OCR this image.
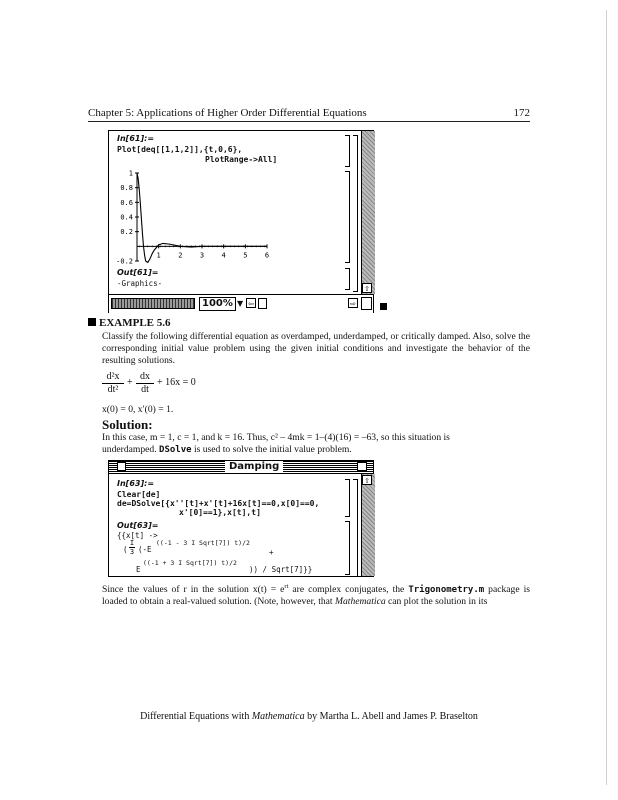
Chapter 5: Applications of Higher Order Differential Equations	172
In[61]:=
Plot[deq[[1,1,2]],{t,0,6},
PlotRange->All]
1 2 3 4 5 6
1
0.8
0.6
0.4
0.2
-0.2
Out[61]=
-Graphics-
⇧
100% ▼ ⇦	⇨
EXAMPLE 5.6
Classify the following differential equation as overdamped, underdamped, or critically damped. Also, solve the corresponding initial value problem using the given initial conditions and investigate the behavior of the resulting solutions.
d²x
dt²
+
dx
dt
+ 16x = 0
x(0) = 0, x′(0) = 1.
Solution:
In this case, m = 1, c = 1, and k = 16. Thus, c² – 4mk = 1–(4)(16) = –63, so this situation is
underdamped. DSolve is used to solve the initial value problem.
Damping
In[63]:=
Clear[de]
de=DSolve[{x''[t]+x'[t]+16x[t]==0,x[0]==0,
x'[0]==1},x[t],t]
Out[63]=
{{x[t] ->
(
I
3 (-E
((-1 - 3 I Sqrt[7]) t)/2
+
E
((-1 + 3 I Sqrt[7]) t)/2
)) / Sqrt[7]}}
⇧
Since the values of r in the solution $x(t) = e^{rt}$ are complex conjugates, the Trigonometry.m package is loaded to obtain a real-valued solution. (Note, however, that Mathematica can plot the solution in its
Differential Equations with Mathematica by Martha L. Abell and James P. Braselton
